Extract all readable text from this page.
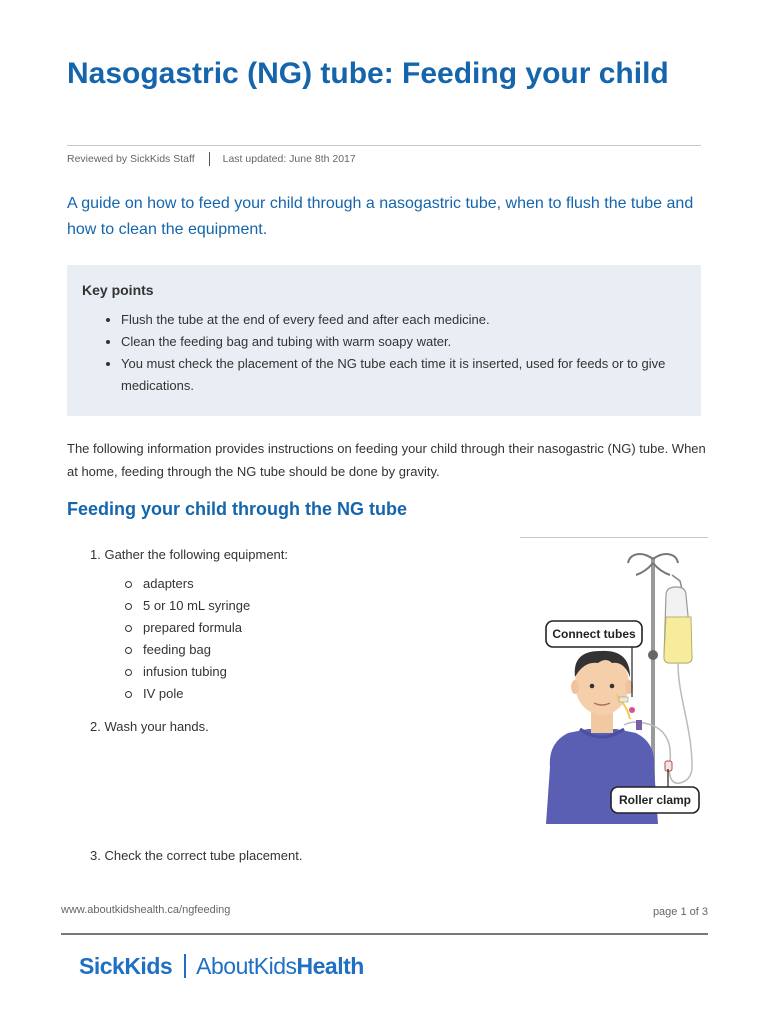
Nasogastric (NG) tube: Feeding your child
Reviewed by SickKids Staff	Last updated: June 8th 2017

A guide on how to feed your child through a nasogastric tube, when to flush the tube and how to clean the equipment.

Key points
• Flush the tube at the end of every feed and after each medicine.
• Clean the feeding bag and tubing with warm soapy water.
• You must check the placement of the NG tube each time it is inserted, used for feeds or to give medications.

The following information provides instructions on feeding your child through their nasogastric (NG) tube. When at home, feeding through the NG tube should be done by gravity.

Feeding your child through the NG tube
1. Gather the following equipment:
adapters
5 or 10 mL syringe
prepared formula
feeding bag
infusion tubing
IV pole
2. Wash your hands.
3. Check the correct tube placement.
Connect tubes
Roller clamp
www.aboutkidshealth.ca/ngfeeding	page 1 of 3
SickKids About Kids Health
